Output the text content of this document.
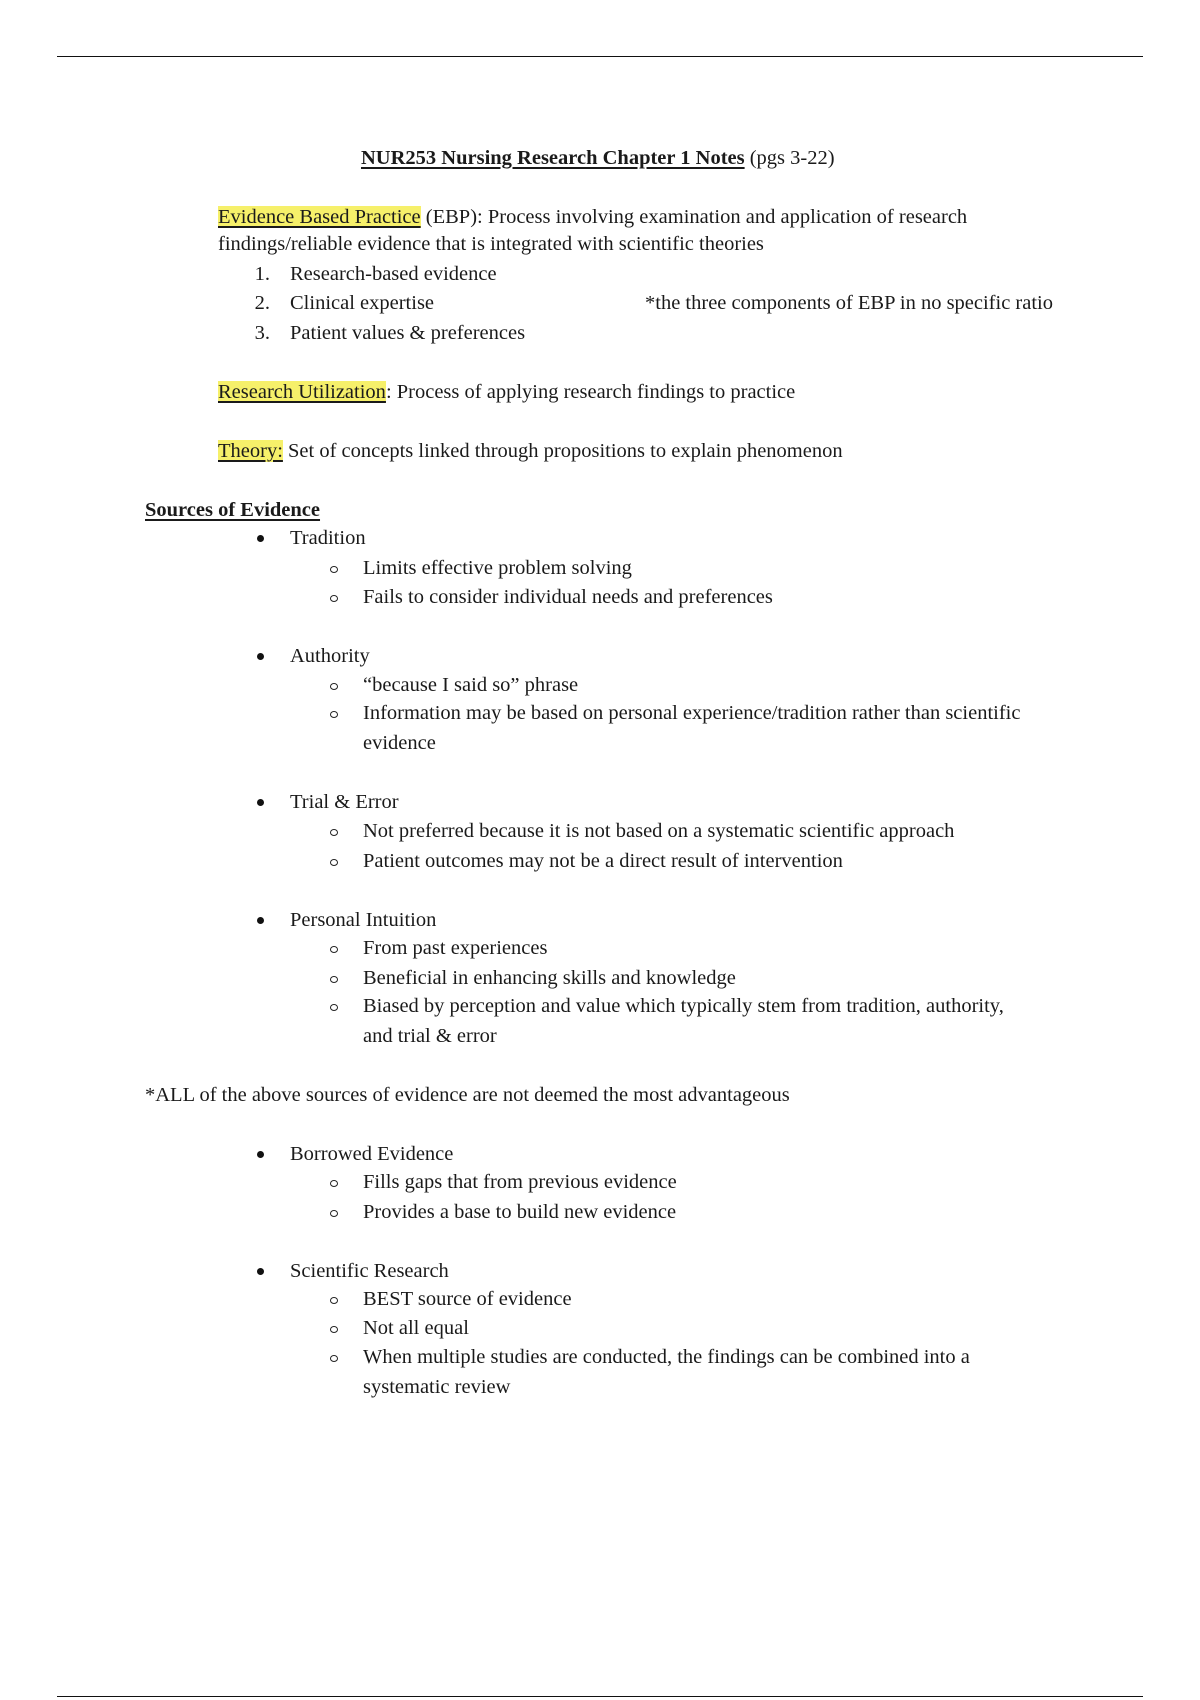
NUR253 Nursing Research Chapter 1 Notes (pgs 3-22)
Evidence Based Practice (EBP): Process involving examination and application of research
findings/reliable evidence that is integrated with scientific theories
1. Research-based evidence
2. Clinical expertise	*the three components of EBP in no specific ratio
3. Patient values & preferences
Research Utilization: Process of applying research findings to practice
Theory: Set of concepts linked through propositions to explain phenomenon
Sources of Evidence
Tradition
Limits effective problem solving
Fails to consider individual needs and preferences
Authority
“because I said so” phrase
Information may be based on personal experience/tradition rather than scientific
evidence
Trial & Error
Not preferred because it is not based on a systematic scientific approach
Patient outcomes may not be a direct result of intervention
Personal Intuition
From past experiences
Beneficial in enhancing skills and knowledge
Biased by perception and value which typically stem from tradition, authority,
and trial & error
*ALL of the above sources of evidence are not deemed the most advantageous
Borrowed Evidence
Fills gaps that from previous evidence
Provides a base to build new evidence
Scientific Research
BEST source of evidence
Not all equal
When multiple studies are conducted, the findings can be combined into a
systematic review
